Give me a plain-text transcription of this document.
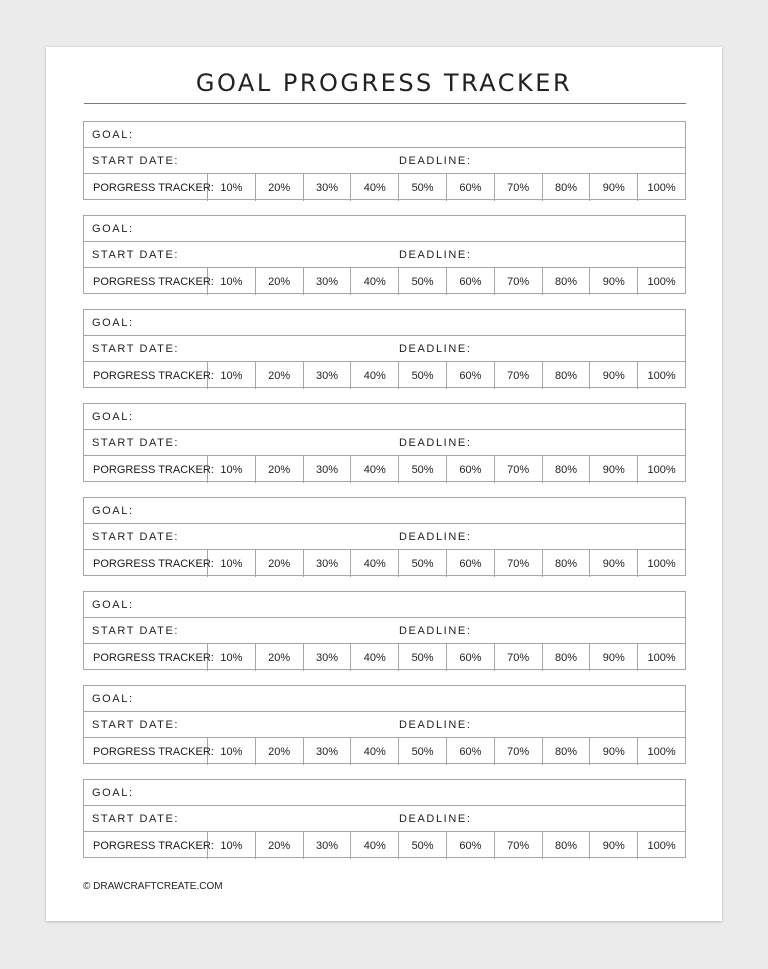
GOAL PROGRESS TRACKER
GOAL:
START DATE:	DEADLINE:
PORGRESS TRACKER: 10%	20%	30%	40%	50%	60%	70%	80%	90%	100%
GOAL:
START DATE:	DEADLINE:
PORGRESS TRACKER: 10%	20%	30%	40%	50%	60%	70%	80%	90%	100%
GOAL:
START DATE:	DEADLINE:
PORGRESS TRACKER: 10%	20%	30%	40%	50%	60%	70%	80%	90%	100%
GOAL:
START DATE:	DEADLINE:
PORGRESS TRACKER: 10%	20%	30%	40%	50%	60%	70%	80%	90%	100%
GOAL:
START DATE:	DEADLINE:
PORGRESS TRACKER: 10%	20%	30%	40%	50%	60%	70%	80%	90%	100%
GOAL:
START DATE:	DEADLINE:
PORGRESS TRACKER: 10%	20%	30%	40%	50%	60%	70%	80%	90%	100%
GOAL:
START DATE:	DEADLINE:
PORGRESS TRACKER: 10%	20%	30%	40%	50%	60%	70%	80%	90%	100%
GOAL:
START DATE:	DEADLINE:
PORGRESS TRACKER: 10%	20%	30%	40%	50%	60%	70%	80%	90%	100%
© DRAWCRAFTCREATE.COM
